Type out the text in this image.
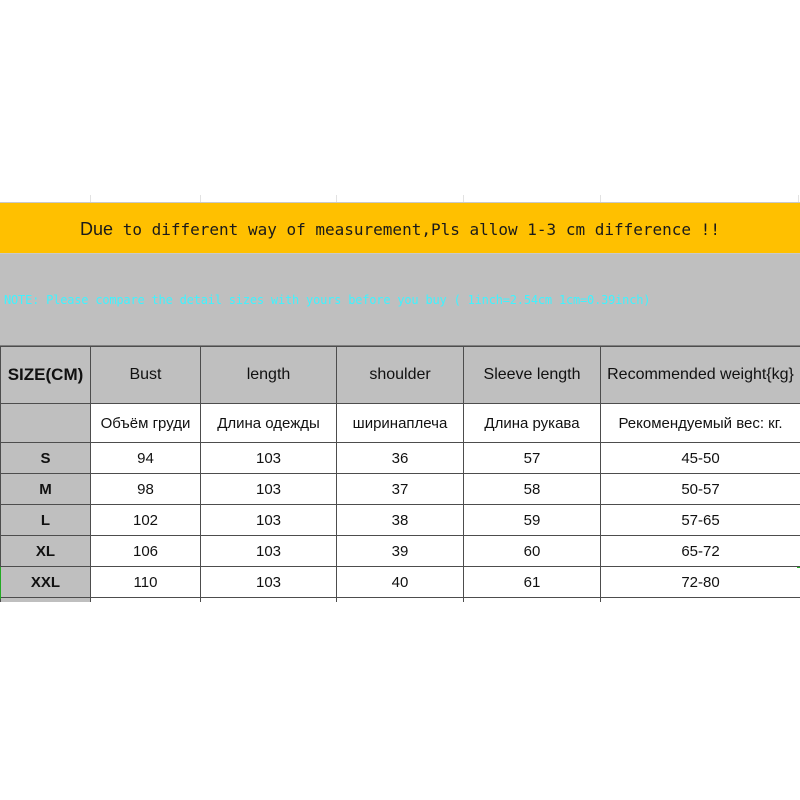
Due to different way of measurement,Pls allow 1-3 cm difference !!
NOTE: Please compare the detail sizes with yours before you buy ( 1inch=2.54cm 1cm=0.39inch)
SIZE(CM)	Bust	length	shoulder	Sleeve length	Recommended weight{kg}
	Объём груди	Длина одежды	ширинаплеча	Длина рукава	Рекомендуемый вес: кг.
S	94	103	36	57	45-50
M	98	103	37	58	50-57
L	102	103	38	59	57-65
XL	106	103	39	60	65-72
XXL	110	103	40	61	72-80
